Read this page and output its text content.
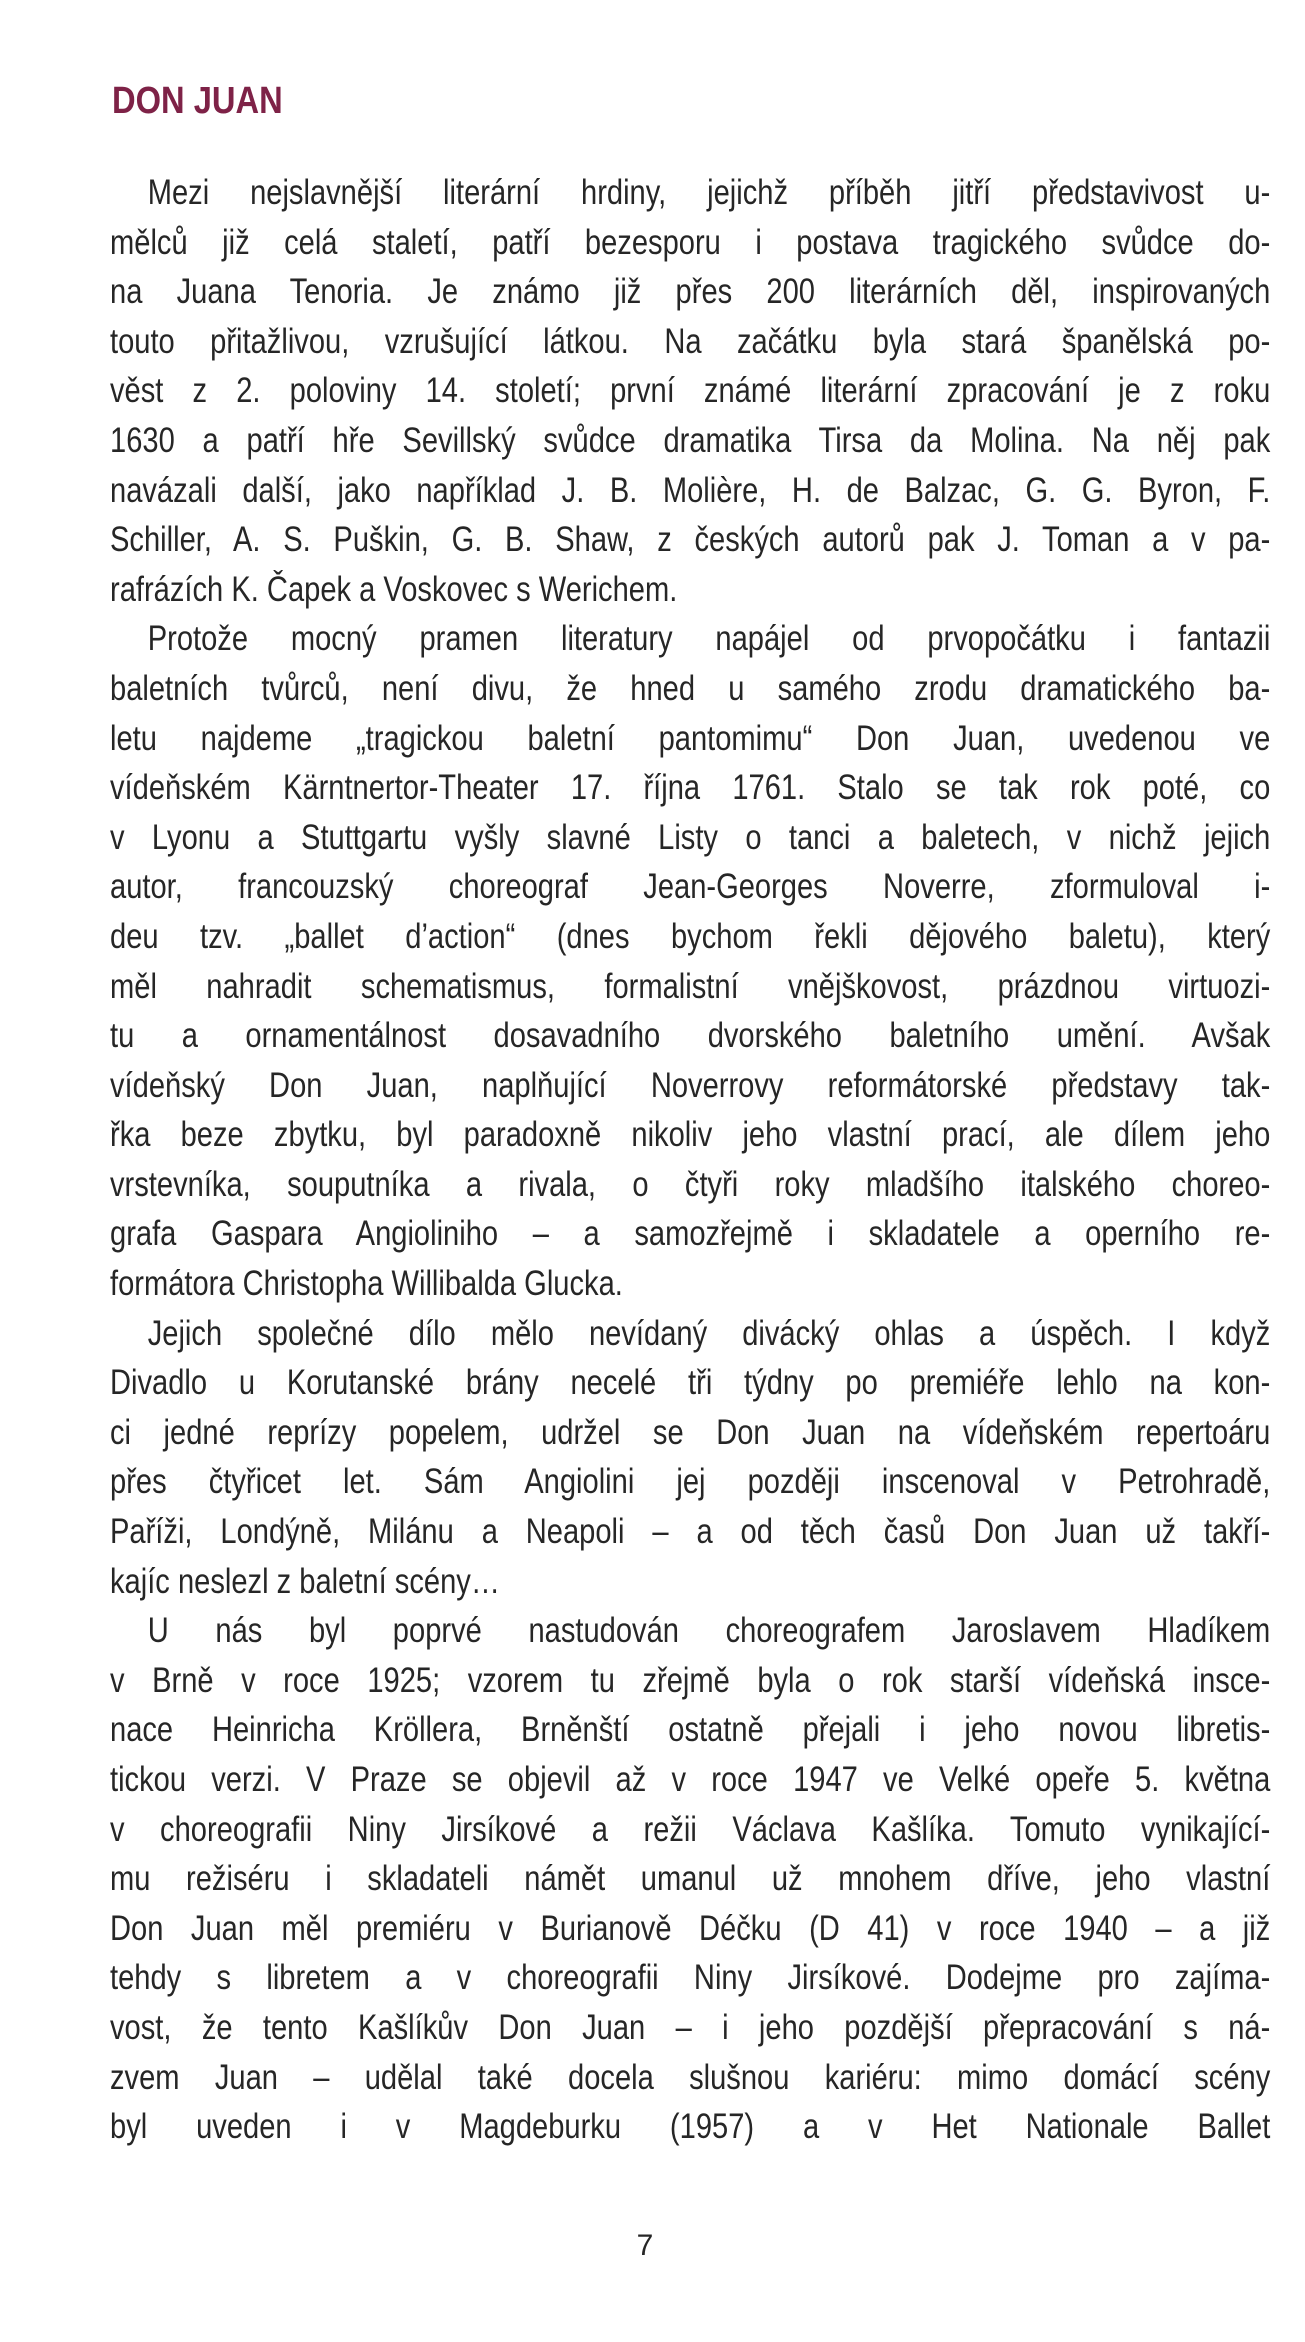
DON JUAN
Mezi nejslavnější literární hrdiny, jejichž příběh jitří představivost u-
mělců již celá staletí, patří bezesporu i postava tragického svůdce do-
na Juana Tenoria. Je známo již přes 200 literárních děl, inspirovaných
touto přitažlivou, vzrušující látkou. Na začátku byla stará španělská po-
věst z 2. poloviny 14. století; první známé literární zpracování je z roku
1630 a patří hře Sevillský svůdce dramatika Tirsa da Molina. Na něj pak
navázali další, jako například J. B. Molière, H. de Balzac, G. G. Byron, F.
Schiller, A. S. Puškin, G. B. Shaw, z českých autorů pak J. Toman a v pa-
rafrázích K. Čapek a Voskovec s Werichem.
Protože mocný pramen literatury napájel od prvopočátku i fantazii
baletních tvůrců, není divu, že hned u samého zrodu dramatického ba-
letu najdeme „tragickou baletní pantomimu“ Don Juan, uvedenou ve
vídeňském Kärntnertor-Theater 17. října 1761. Stalo se tak rok poté, co
v Lyonu a Stuttgartu vyšly slavné Listy o tanci a baletech, v nichž jejich
autor, francouzský choreograf Jean-Georges Noverre, zformuloval i-
deu tzv. „ballet d’action“ (dnes bychom řekli dějového baletu), který
měl nahradit schematismus, formalistní vnějškovost, prázdnou virtuozi-
tu a ornamentálnost dosavadního dvorského baletního umění. Avšak
vídeňský Don Juan, naplňující Noverrovy reformátorské představy tak-
řka beze zbytku, byl paradoxně nikoliv jeho vlastní prací, ale dílem jeho
vrstevníka, souputníka a rivala, o čtyři roky mladšího italského choreo-
grafa Gaspara Angioliniho – a samozřejmě i skladatele a operního re-
formátora Christopha Willibalda Glucka.
Jejich společné dílo mělo nevídaný divácký ohlas a úspěch. I když
Divadlo u Korutanské brány necelé tři týdny po premiéře lehlo na kon-
ci jedné reprízy popelem, udržel se Don Juan na vídeňském repertoáru
přes čtyřicet let. Sám Angiolini jej později inscenoval v Petrohradě,
Paříži, Londýně, Milánu a Neapoli – a od těch časů Don Juan už takří-
kajíc neslezl z baletní scény…
U nás byl poprvé nastudován choreografem Jaroslavem Hladíkem
v Brně v roce 1925; vzorem tu zřejmě byla o rok starší vídeňská insce-
nace Heinricha Kröllera, Brněnští ostatně přejali i jeho novou libretis-
tickou verzi. V Praze se objevil až v roce 1947 ve Velké opeře 5. května
v choreografii Niny Jirsíkové a režii Václava Kašlíka. Tomuto vynikající-
mu režiséru i skladateli námět umanul už mnohem dříve, jeho vlastní
Don Juan měl premiéru v Burianově Déčku (D 41) v roce 1940 – a již
tehdy s libretem a v choreografii Niny Jirsíkové. Dodejme pro zajíma-
vost, že tento Kašlíkův Don Juan – i jeho pozdější přepracování s ná-
zvem Juan – udělal také docela slušnou kariéru: mimo domácí scény
byl uveden i v Magdeburku (1957) a v Het Nationale Ballet
7
